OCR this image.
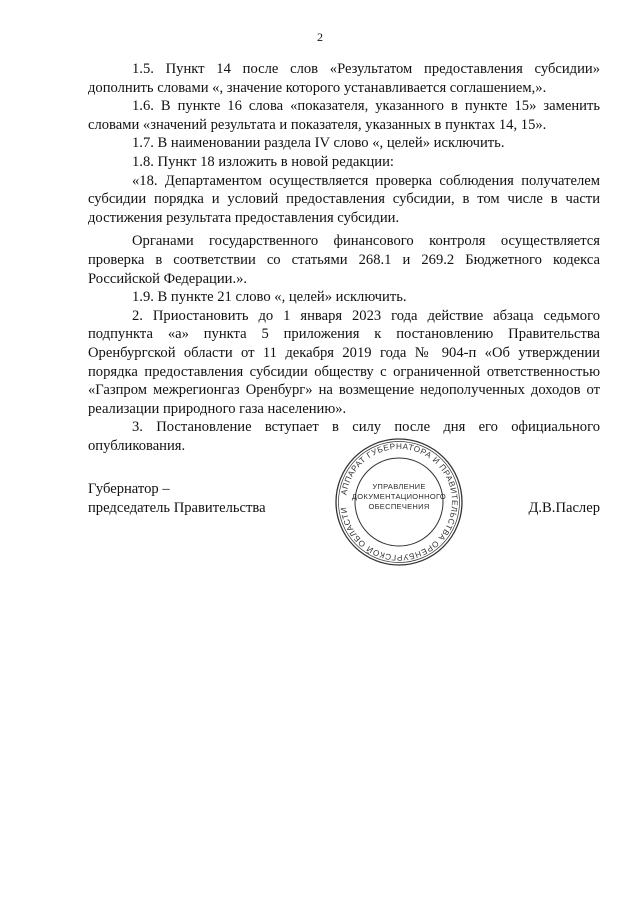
2

1.5. Пункт 14 после слов «Результатом предоставления субсидии» дополнить словами «, значение которого устанавливается соглашением,».

1.6. В пункте 16 слова «показателя, указанного в пункте 15» заменить словами «значений результата и показателя, указанных в пунктах 14, 15».

1.7. В наименовании раздела IV слово «, целей» исключить.

1.8. Пункт 18 изложить в новой редакции:

«18. Департаментом осуществляется проверка соблюдения получателем субсидии порядка и условий предоставления субсидии, в том числе в части достижения результата предоставления субсидии.

Органами государственного финансового контроля осуществляется проверка в соответствии со статьями 268.1 и 269.2 Бюджетного кодекса Российской Федерации.».

1.9. В пункте 21 слово «, целей» исключить.

2. Приостановить до 1 января 2023 года действие абзаца седьмого подпункта «а» пункта 5 приложения к постановлению Правительства Оренбургской области от 11 декабря 2019 года № 904-п «Об утверждении порядка предоставления субсидии обществу с ограниченной ответственностью «Газпром межрегионгаз Оренбург» на возмещение недополученных доходов от реализации природного газа населению».

3. Постановление вступает в силу после дня его официального опубликования.

Губернатор –
председатель Правительства	Д.В.Паслер
АППАРАТ ГУБЕРНАТОРА И ПРАВИТЕЛЬСТВА ОРЕНБУРГСКОЙ ОБЛАСТИ
УПРАВЛЕНИЕ
ДОКУМЕНТАЦИОННОГО
ОБЕСПЕЧЕНИЯ
